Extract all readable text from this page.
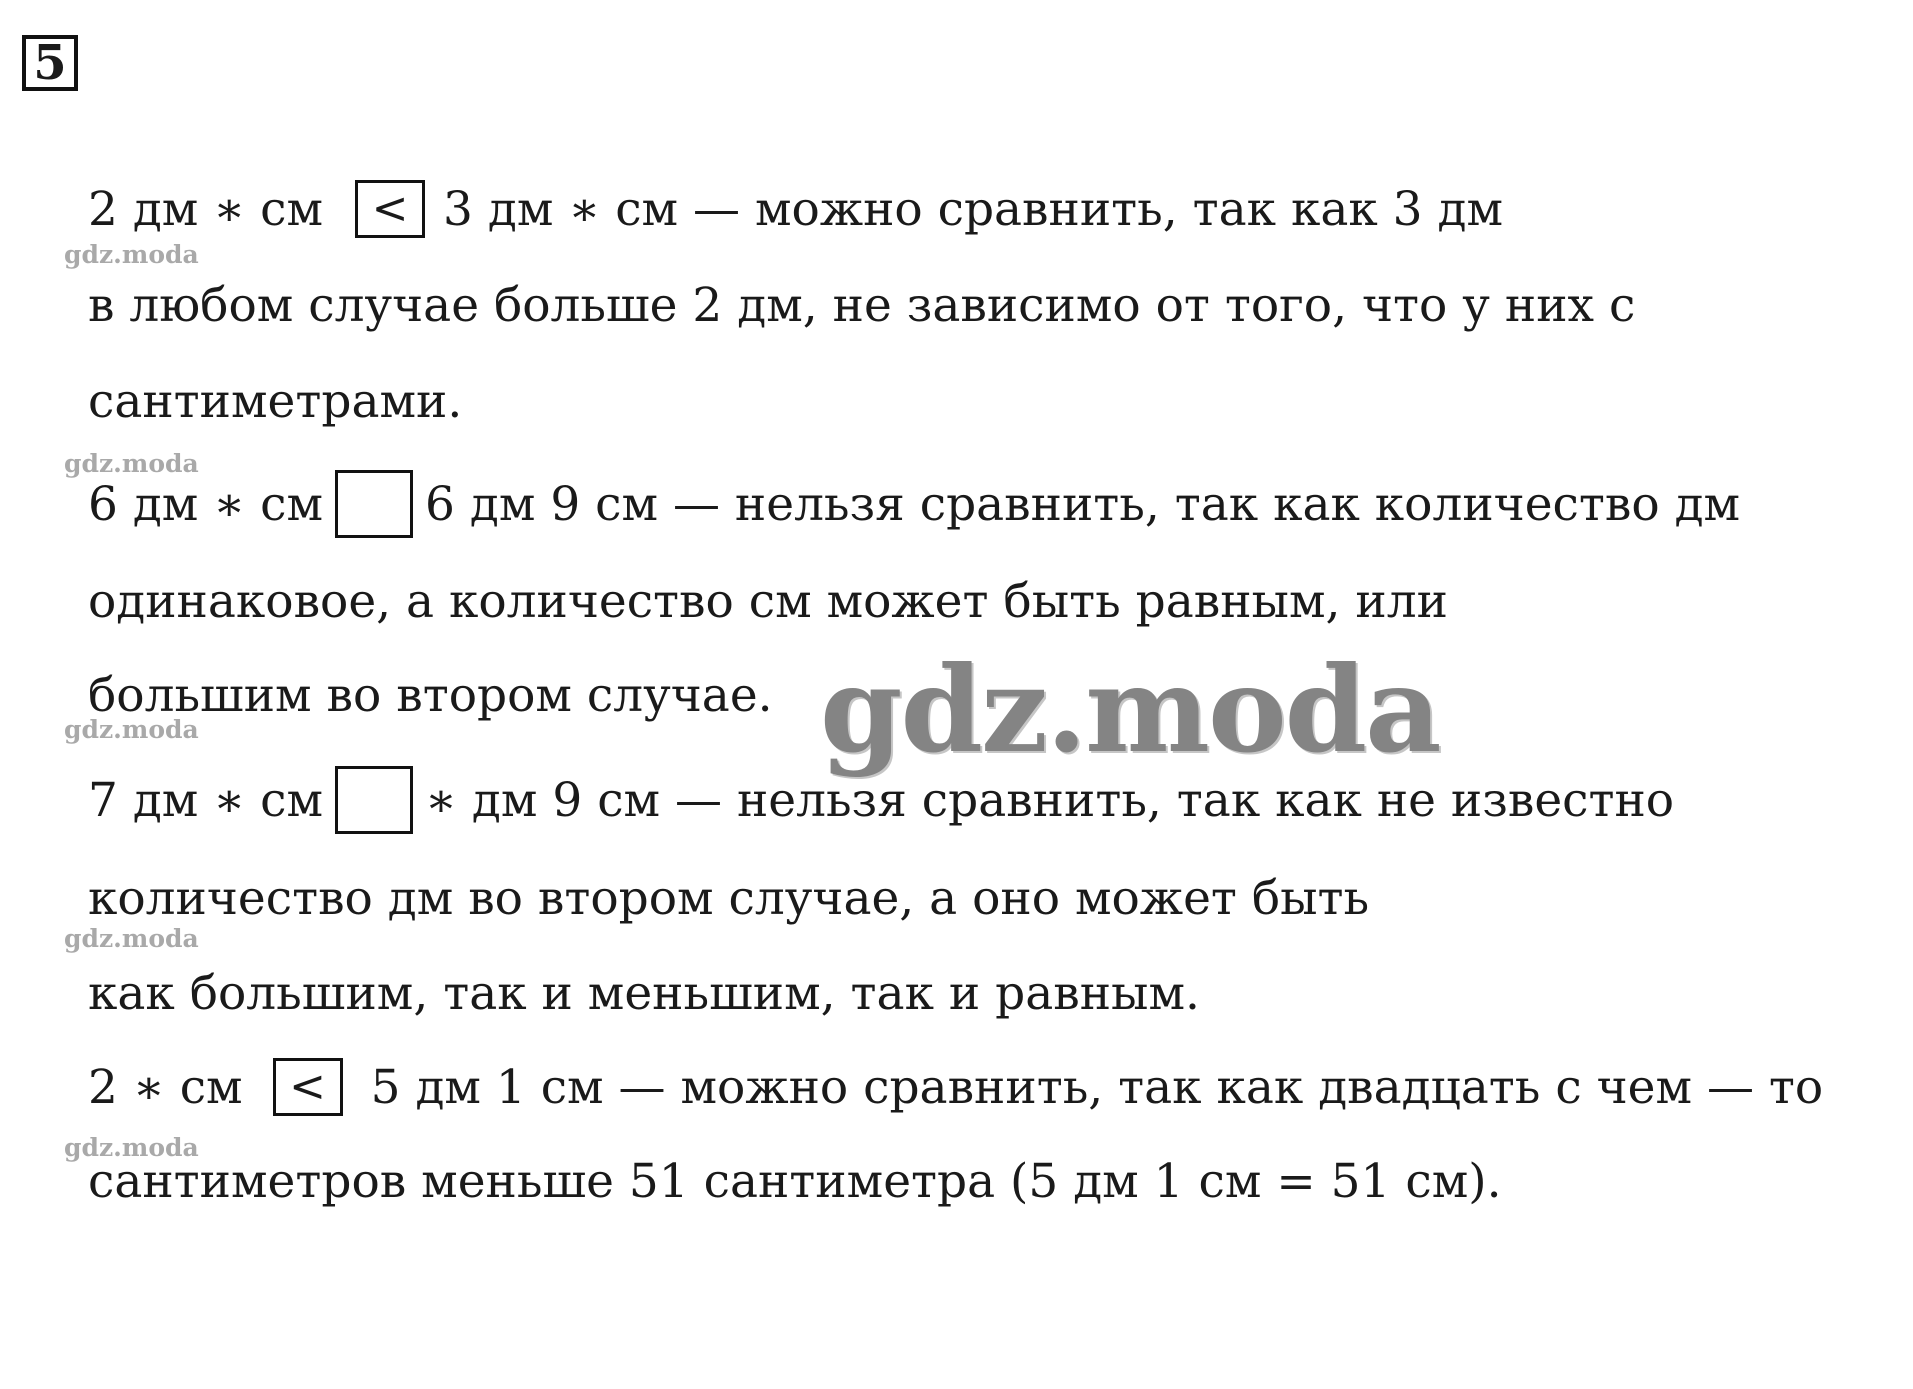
5
gdz.moda
gdz.moda
gdz.moda
gdz.moda
gdz.moda
2 дм ∗ см < 3 дм ∗ см — можно сравнить, так как 3 дм
в любом случае больше 2 дм, не зависимо от того, что у них с
сантиметрами.
6 дм ∗ см 6 дм 9 см — нельзя сравнить, так как количество дм
одинаковое, а количество см может быть равным, или
большим во втором случае.
7 дм ∗ см ∗ дм 9 см — нельзя сравнить, так как не известно
количество дм во втором случае, а оно может быть
как большим, так и меньшим, так и равным.
2 ∗ см < 5 дм 1 см — можно сравнить, так как двадцать с чем — то
сантиметров меньше 51 сантиметра (5 дм 1 см = 51 см).
gdz.moda
